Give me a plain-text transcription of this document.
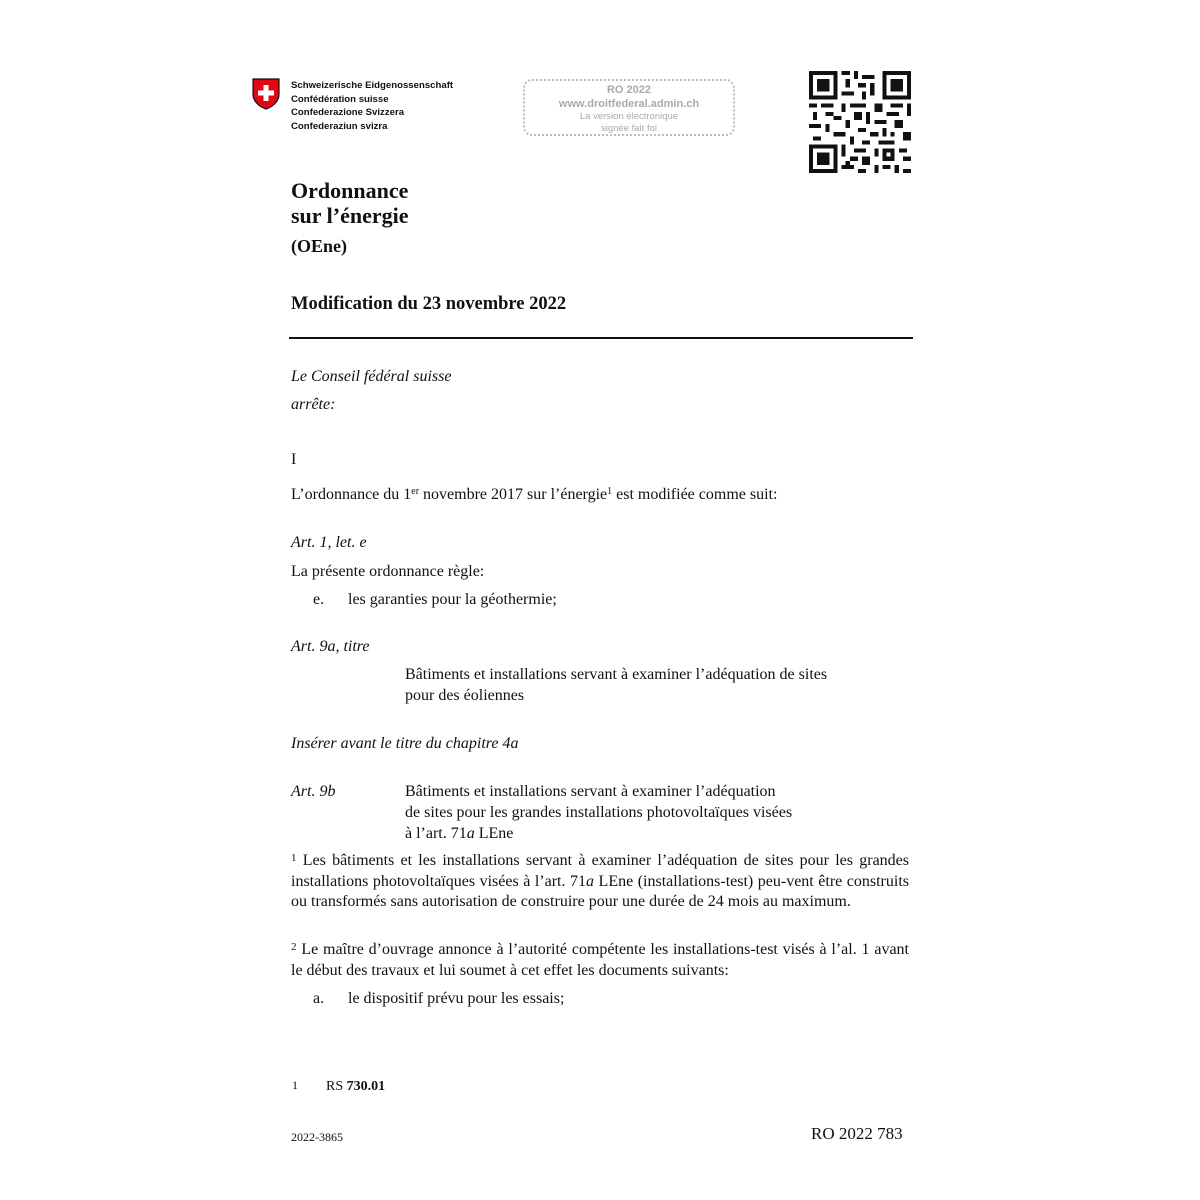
Schweizerische Eidgenossenschaft
Confédération suisse
Confederazione Svizzera
Confederaziun svizra
RO 2022
www.droitfederal.admin.ch
La version électronique
signée fait foi
Ordonnance
sur l’énergie
(OEne)
Modification du 23 novembre 2022
Le Conseil fédéral suisse
arrête:
I
L’ordonnance du 1er novembre 2017 sur l’énergie$^1$ est modifiée comme suit:
Art. 1, let. e
La présente ordonnance règle:
e. les garanties pour la géothermie;
Art. 9a, titre
Bâtiments et installations servant à examiner l’adéquation de sites
pour des éoliennes
Insérer avant le titre du chapitre 4a
Art. 9b	Bâtiments et installations servant à examiner l’adéquation
de sites pour les grandes installations photovoltaïques visées
à l’art. 71a LEne
$^1$ Les bâtiments et les installations servant à examiner l’adéquation de sites pour les grandes installations photovoltaïques visées à l’art. 71a LEne (installations-test) peu-vent être construits ou transformés sans autorisation de construire pour une durée de 24 mois au maximum.
$^2$ Le maître d’ouvrage annonce à l’autorité compétente les installations-test visés à l’al. 1 avant le début des travaux et lui soumet à cet effet les documents suivants:
a. le dispositif prévu pour les essais;
1 RS 730.01
2022-3865	RO 2022 783
